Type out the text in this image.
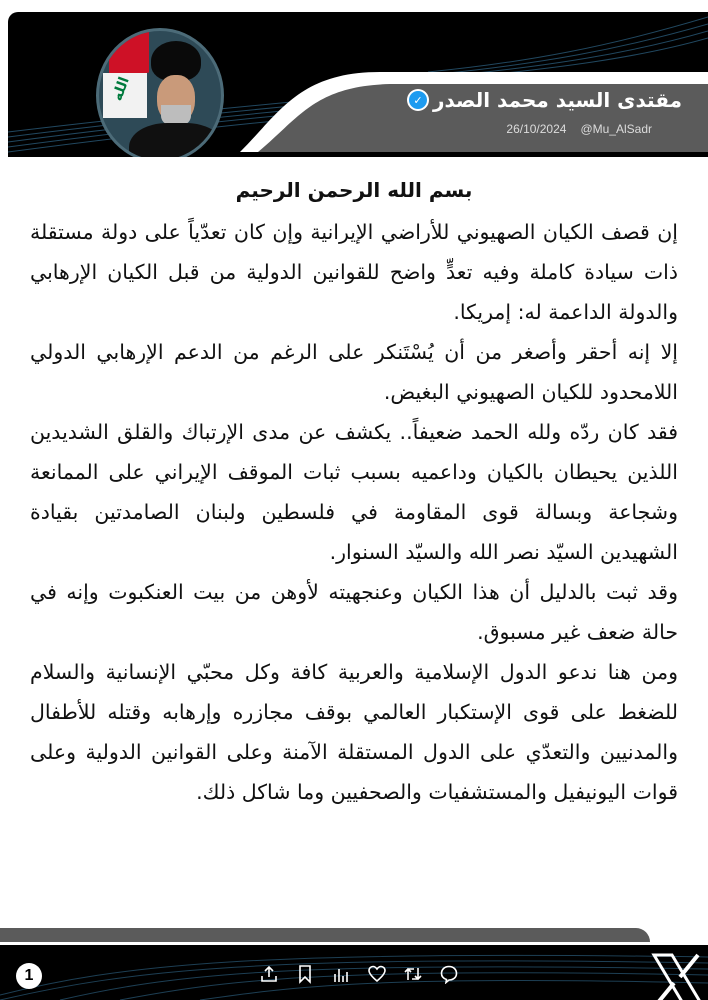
الله	مقتدى السيد محمد الصدر
✓
26/10/2024 @Mu_AlSadr

بسم الله الرحمن الرحيم

إن قصف الكيان الصهيوني للأراضي الإيرانية وإن كان تعدّياً على دولة مستقلة ذات سيادة كاملة وفيه تعدٍّ واضح للقوانين الدولية من قبل الكيان الإرهابي والدولة الداعمة له: إمريكا.

إلا إنه أحقر وأصغر من أن يُسْتَنكر على الرغم من الدعم الإرهابي الدولي اللامحدود للكيان الصهيوني البغيض.

فقد كان ردّه ولله الحمد ضعيفاً.. يكشف عن مدى الإرتباك والقلق الشديدين اللذين يحيطان بالكيان وداعميه بسبب ثبات الموقف الإيراني على الممانعة وشجاعة وبسالة قوى المقاومة في فلسطين ولبنان الصامدتين بقيادة الشهيدين السيّد نصر الله والسيّد السنوار.

وقد ثبت بالدليل أن هذا الكيان وعنجهيته لأوهن من بيت العنكبوت وإنه في حالة ضعف غير مسبوق.

ومن هنا ندعو الدول الإسلامية والعربية كافة وكل محبّي الإنسانية والسلام للضغط على قوى الإستكبار العالمي بوقف مجازره وإرهابه وقتله للأطفال والمدنيين والتعدّي على الدول المستقلة الآمنة وعلى القوانين الدولية وعلى قوات اليونيفيل والمستشفيات والصحفيين وما شاكل ذلك.

1
